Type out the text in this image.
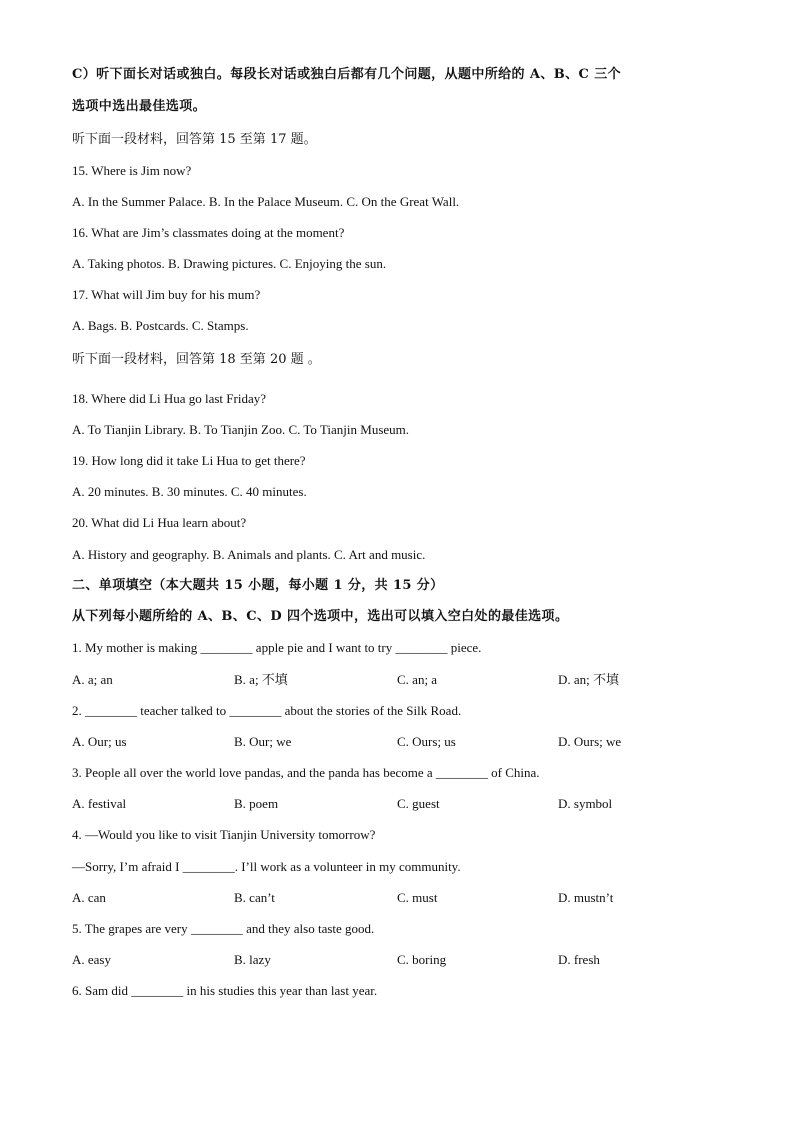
C）听下面长对话或独白。每段长对话或独白后都有几个问题，从题中所给的 A、B、C 三个
选项中选出最佳选项。
听下面一段材料，回答第 15 至第 17 题。
15. Where is Jim now?
A. In the Summer Palace. B. In the Palace Museum. C. On the Great Wall.
16. What are Jim’s classmates doing at the moment?
A. Taking photos. B. Drawing pictures. C. Enjoying the sun.
17. What will Jim buy for his mum?
A. Bags. B. Postcards. C. Stamps.
听下面一段材料，回答第 18 至第 20 题 。
18. Where did Li Hua go last Friday?
A. To Tianjin Library. B. To Tianjin Zoo. C. To Tianjin Museum.
19. How long did it take Li Hua to get there?
A. 20 minutes. B. 30 minutes. C. 40 minutes.
20. What did Li Hua learn about?
A. History and geography. B. Animals and plants. C. Art and music.
二、单项填空（本大题共 15 小题，每小题 1 分，共 15 分）
从下列每小题所给的 A、B、C、D 四个选项中，选出可以填入空白处的最佳选项。
1. My mother is making ________ apple pie and I want to try ________ piece.
A. a; an	B. a; 不填	C. an; a	D. an; 不填
2. ________ teacher talked to ________ about the stories of the Silk Road.
A. Our; us	B. Our; we	C. Ours; us	D. Ours; we
3. People all over the world love pandas, and the panda has become a ________ of China.
A. festival	B. poem	C. guest	D. symbol
4. —Would you like to visit Tianjin University tomorrow?
—Sorry, I’m afraid I ________. I’ll work as a volunteer in my community.
A. can	B. can’t	C. must	D. mustn’t
5. The grapes are very ________ and they also taste good.
A. easy	B. lazy	C. boring	D. fresh
6. Sam did ________ in his studies this year than last year.
